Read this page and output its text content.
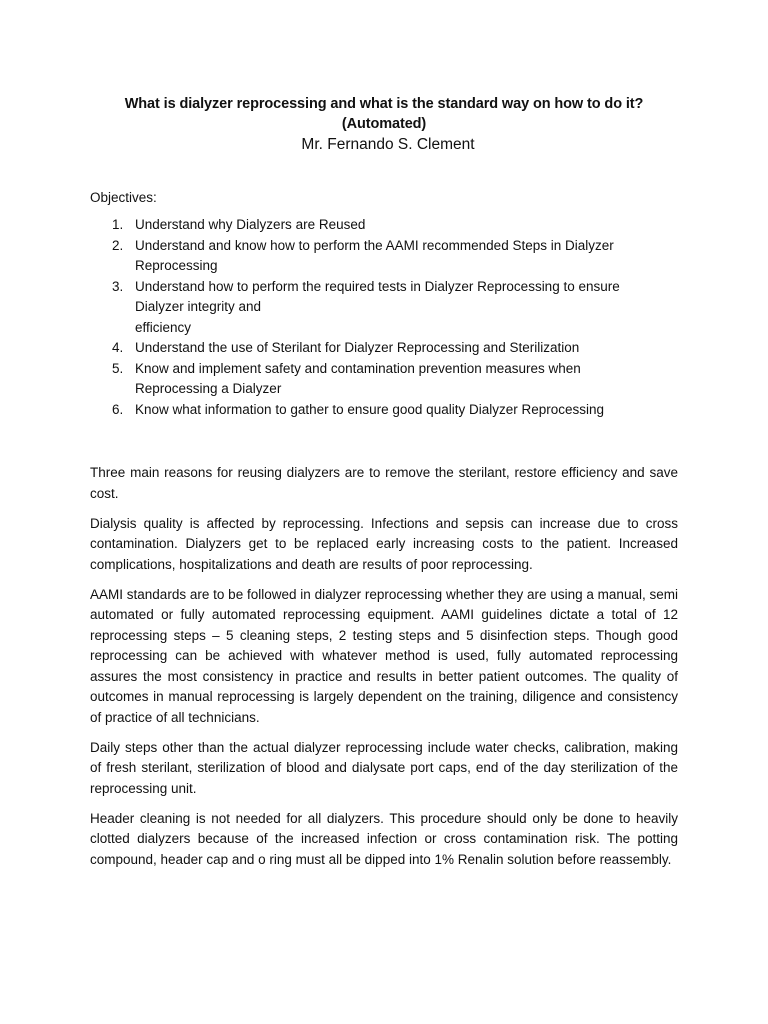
What is dialyzer reprocessing and what is the standard way on how to do it?

(Automated)

Mr. Fernando S. Clement

Objectives:

1. Understand why Dialyzers are Reused
2. Understand and know how to perform the AAMI recommended Steps in Dialyzer
Reprocessing
3. Understand how to perform the required tests in Dialyzer Reprocessing to ensure
Dialyzer integrity and
efficiency
4. Understand the use of Sterilant for Dialyzer Reprocessing and Sterilization
5. Know and implement safety and contamination prevention measures when
Reprocessing a Dialyzer
6. Know what information to gather to ensure good quality Dialyzer Reprocessing

Three main reasons for reusing dialyzers are to remove the sterilant, restore efficiency and save cost.

Dialysis quality is affected by reprocessing. Infections and sepsis can increase due to cross contamination. Dialyzers get to be replaced early increasing costs to the patient. Increased complications, hospitalizations and death are results of poor reprocessing.

AAMI standards are to be followed in dialyzer reprocessing whether they are using a manual, semi automated or fully automated reprocessing equipment. AAMI guidelines dictate a total of 12 reprocessing steps – 5 cleaning steps, 2 testing steps and 5 disinfection steps. Though good reprocessing can be achieved with whatever method is used, fully automated reprocessing assures the most consistency in practice and results in better patient outcomes. The quality of outcomes in manual reprocessing is largely dependent on the training, diligence and consistency of practice of all technicians.

Daily steps other than the actual dialyzer reprocessing include water checks, calibration, making of fresh sterilant, sterilization of blood and dialysate port caps, end of the day sterilization of the reprocessing unit.

Header cleaning is not needed for all dialyzers. This procedure should only be done to heavily clotted dialyzers because of the increased infection or cross contamination risk. The potting compound, header cap and o ring must all be dipped into 1% Renalin solution before reassembly.
